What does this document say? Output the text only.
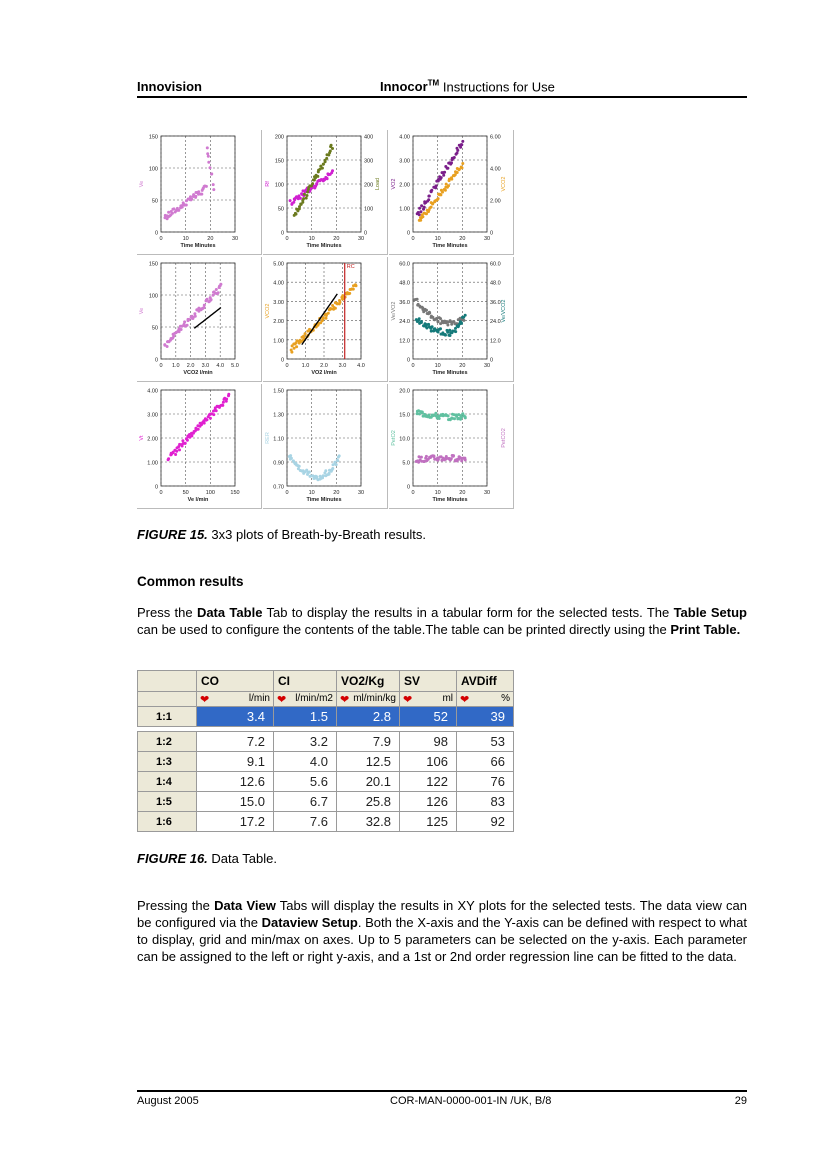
Innovision	Innocor™ Instructions for Use
150
100
50
0
0	10	20	30
Time Minutes
Ve
200
150
100
50
0
400
300
200
100
0
0	10	20	30
Time Minutes
Rf	Load
4.00
3.00
2.00
1.00
0
6.00
4.00
2.00
0
0	10	20	30
Time Minutes
VO2	VCO2
150
100
50
0
0 1.0 2.0 3.0 4.0 5.0
VCO2 l/min
Ve
5.00
4.00
3.00
2.00
1.00
0
0 1.0 2.0 3.0 4.0
VO2 l/min
VCO2
RC	60.0
48.0
36.0
24.0
12.0
0
60.0
48.0
36.0
24.0
12.0
0
0	10	20	30
Time Minutes
Ve/VO2	Ve/VCO2
4.00
3.00
2.00
1.00
0
0	50	100	150
Ve l/min
Vt
1.50
1.30
1.10
0.90
0.70
0	10	20	30
Time Minutes
RER
20.0
15.0
10.0
5.0
0
0	10	20	30
Time Minutes
PetO2	PetCO2
FIGURE 15. 3x3 plots of Breath-by-Breath results.
Common results
Press the Data Table Tab to display the results in a tabular form for the selected tests. The Table Setup can be used to configure the contents of the table.The table can be printed directly using the Print Table.
	CO	CI	VO2/Kg	SV	AVDiff
	❤ l/min	❤ l/min/m2	❤ ml/min/kg	❤ ml	❤ %

1:1	3.4	1.5	2.8	52	39

1:2	7.2	3.2	7.9	98	53
1:3	9.1	4.0	12.5	106	66
1:4	12.6	5.6	20.1	122	76
1:5	15.0	6.7	25.8	126	83
1:6	17.2	7.6	32.8	125	92
FIGURE 16. Data Table.
Pressing the Data View Tabs will display the results in XY plots for the selected tests. The data view can be configured via the Dataview Setup. Both the X-axis and the Y-axis can be defined with respect to what to display, grid and min/max on axes. Up to 5 parameters can be selected on the y-axis. Each parameter can be assigned to the left or right y-axis, and a 1st or 2nd order regression line can be fitted to the data.
August 2005	COR-MAN-0000-001-IN /UK, B/8	29
